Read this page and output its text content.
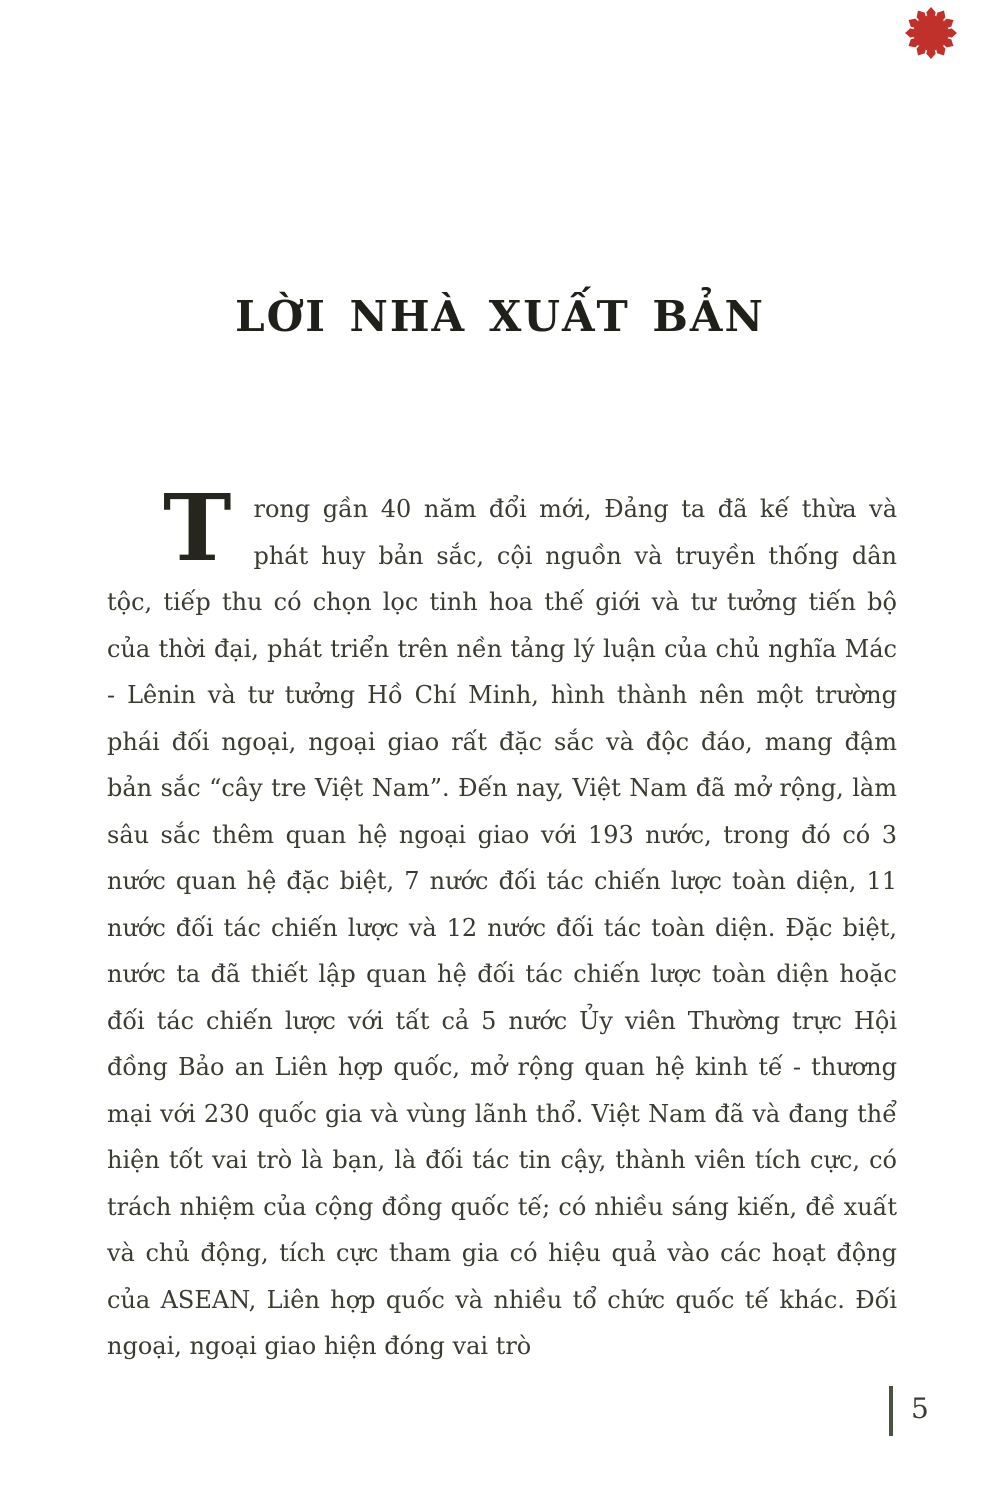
LỜI NHÀ XUẤT BẢN
Trong gần 40 năm đổi mới, Đảng ta đã kế thừa và phát huy bản sắc, cội nguồn và truyền thống dân tộc, tiếp thu có chọn lọc tinh hoa thế giới và tư tưởng tiến bộ của thời đại, phát triển trên nền tảng lý luận của chủ nghĩa Mác - Lênin và tư tưởng Hồ Chí Minh, hình thành nên một trường phái đối ngoại, ngoại giao rất đặc sắc và độc đáo, mang đậm bản sắc “cây tre Việt Nam”. Đến nay, Việt Nam đã mở rộng, làm sâu sắc thêm quan hệ ngoại giao với 193 nước, trong đó có 3 nước quan hệ đặc biệt, 7 nước đối tác chiến lược toàn diện, 11 nước đối tác chiến lược và 12 nước đối tác toàn diện. Đặc biệt, nước ta đã thiết lập quan hệ đối tác chiến lược toàn diện hoặc đối tác chiến lược với tất cả 5 nước Ủy viên Thường trực Hội đồng Bảo an Liên hợp quốc, mở rộng quan hệ kinh tế - thương mại với 230 quốc gia và vùng lãnh thổ. Việt Nam đã và đang thể hiện tốt vai trò là bạn, là đối tác tin cậy, thành viên tích cực, có trách nhiệm của cộng đồng quốc tế; có nhiều sáng kiến, đề xuất và chủ động, tích cực tham gia có hiệu quả vào các hoạt động của ASEAN, Liên hợp quốc và nhiều tổ chức quốc tế khác. Đối ngoại, ngoại giao hiện đóng vai trò
5
